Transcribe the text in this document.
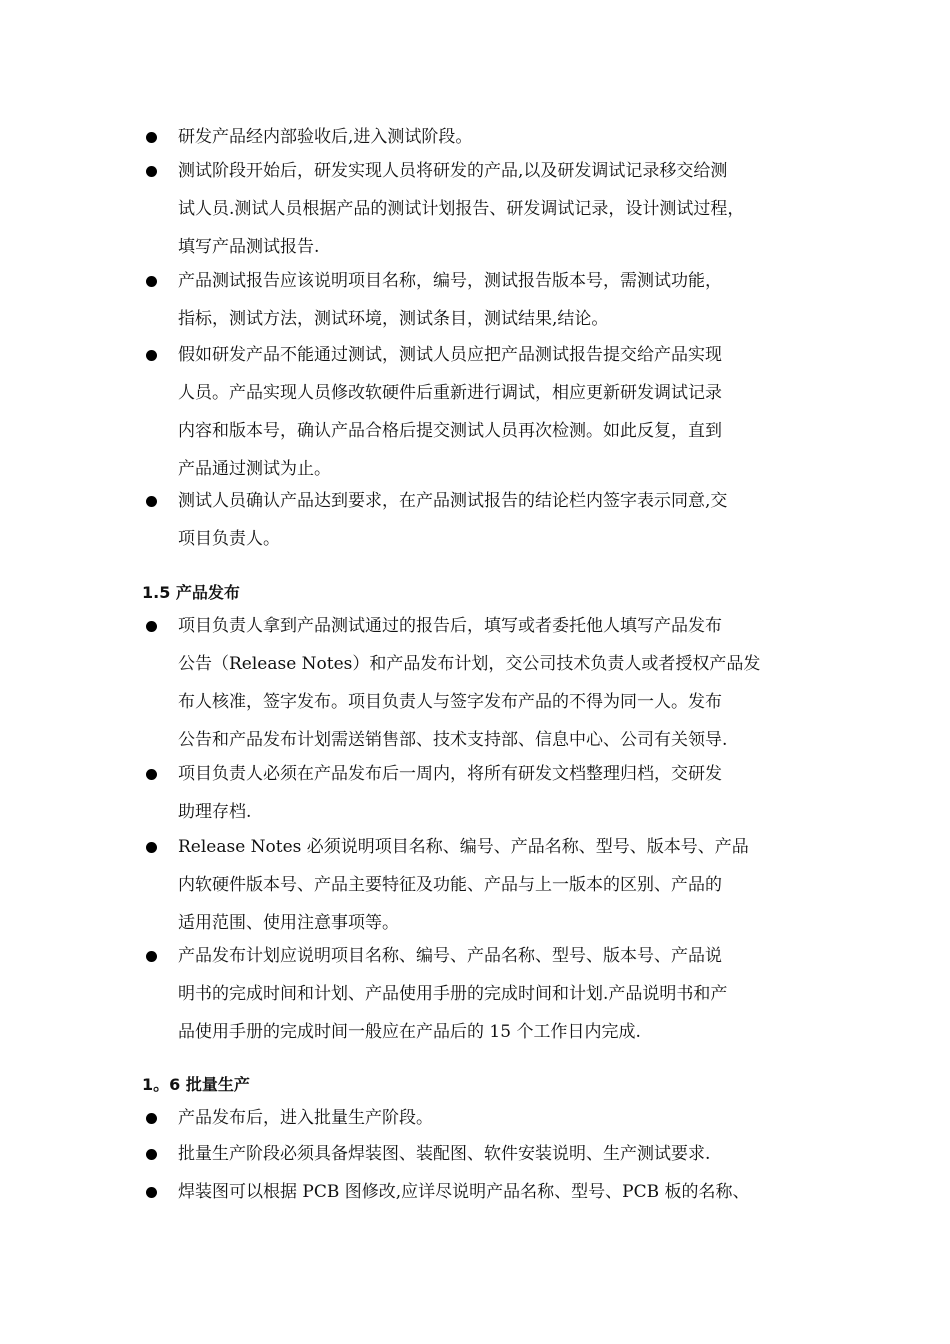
研发产品经内部验收后,进入测试阶段。
测试阶段开始后，研发实现人员将研发的产品,以及研发调试记录移交给测
试人员.测试人员根据产品的测试计划报告、研发调试记录，设计测试过程，
填写产品测试报告.
产品测试报告应该说明项目名称，编号，测试报告版本号，需测试功能，
指标，测试方法，测试环境，测试条目，测试结果,结论。
假如研发产品不能通过测试，测试人员应把产品测试报告提交给产品实现
人员。产品实现人员修改软硬件后重新进行调试，相应更新研发调试记录
内容和版本号，确认产品合格后提交测试人员再次检测。如此反复，直到
产品通过测试为止。
测试人员确认产品达到要求，在产品测试报告的结论栏内签字表示同意,交
项目负责人。
1.5 产品发布
项目负责人拿到产品测试通过的报告后，填写或者委托他人填写产品发布
公告（Release Notes）和产品发布计划，交公司技术负责人或者授权产品发
布人核准，签字发布。项目负责人与签字发布产品的不得为同一人。发布
公告和产品发布计划需送销售部、技术支持部、信息中心、公司有关领导.
项目负责人必须在产品发布后一周内，将所有研发文档整理归档，交研发
助理存档.
Release Notes 必须说明项目名称、编号、产品名称、型号、版本号、产品
内软硬件版本号、产品主要特征及功能、产品与上一版本的区别、产品的
适用范围、使用注意事项等。
产品发布计划应说明项目名称、编号、产品名称、型号、版本号、产品说
明书的完成时间和计划、产品使用手册的完成时间和计划.产品说明书和产
品使用手册的完成时间一般应在产品后的 15 个工作日内完成.
1。6 批量生产
产品发布后，进入批量生产阶段。
批量生产阶段必须具备焊装图、装配图、软件安装说明、生产测试要求.
焊装图可以根据 PCB 图修改,应详尽说明产品名称、型号、PCB 板的名称、
